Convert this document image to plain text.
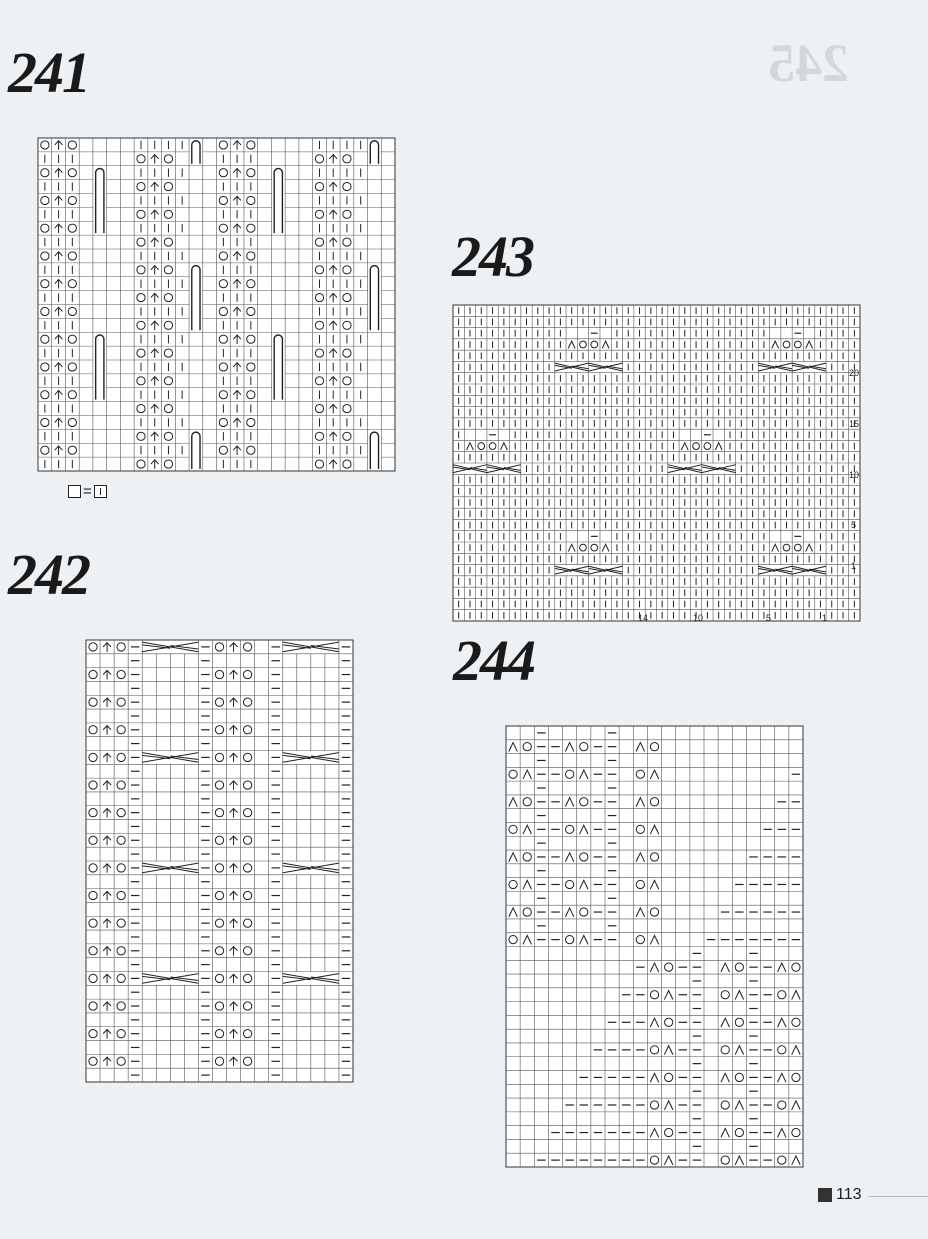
245
241
242
243
244
=
20
15
10
5
1
14	10	5	1
113
